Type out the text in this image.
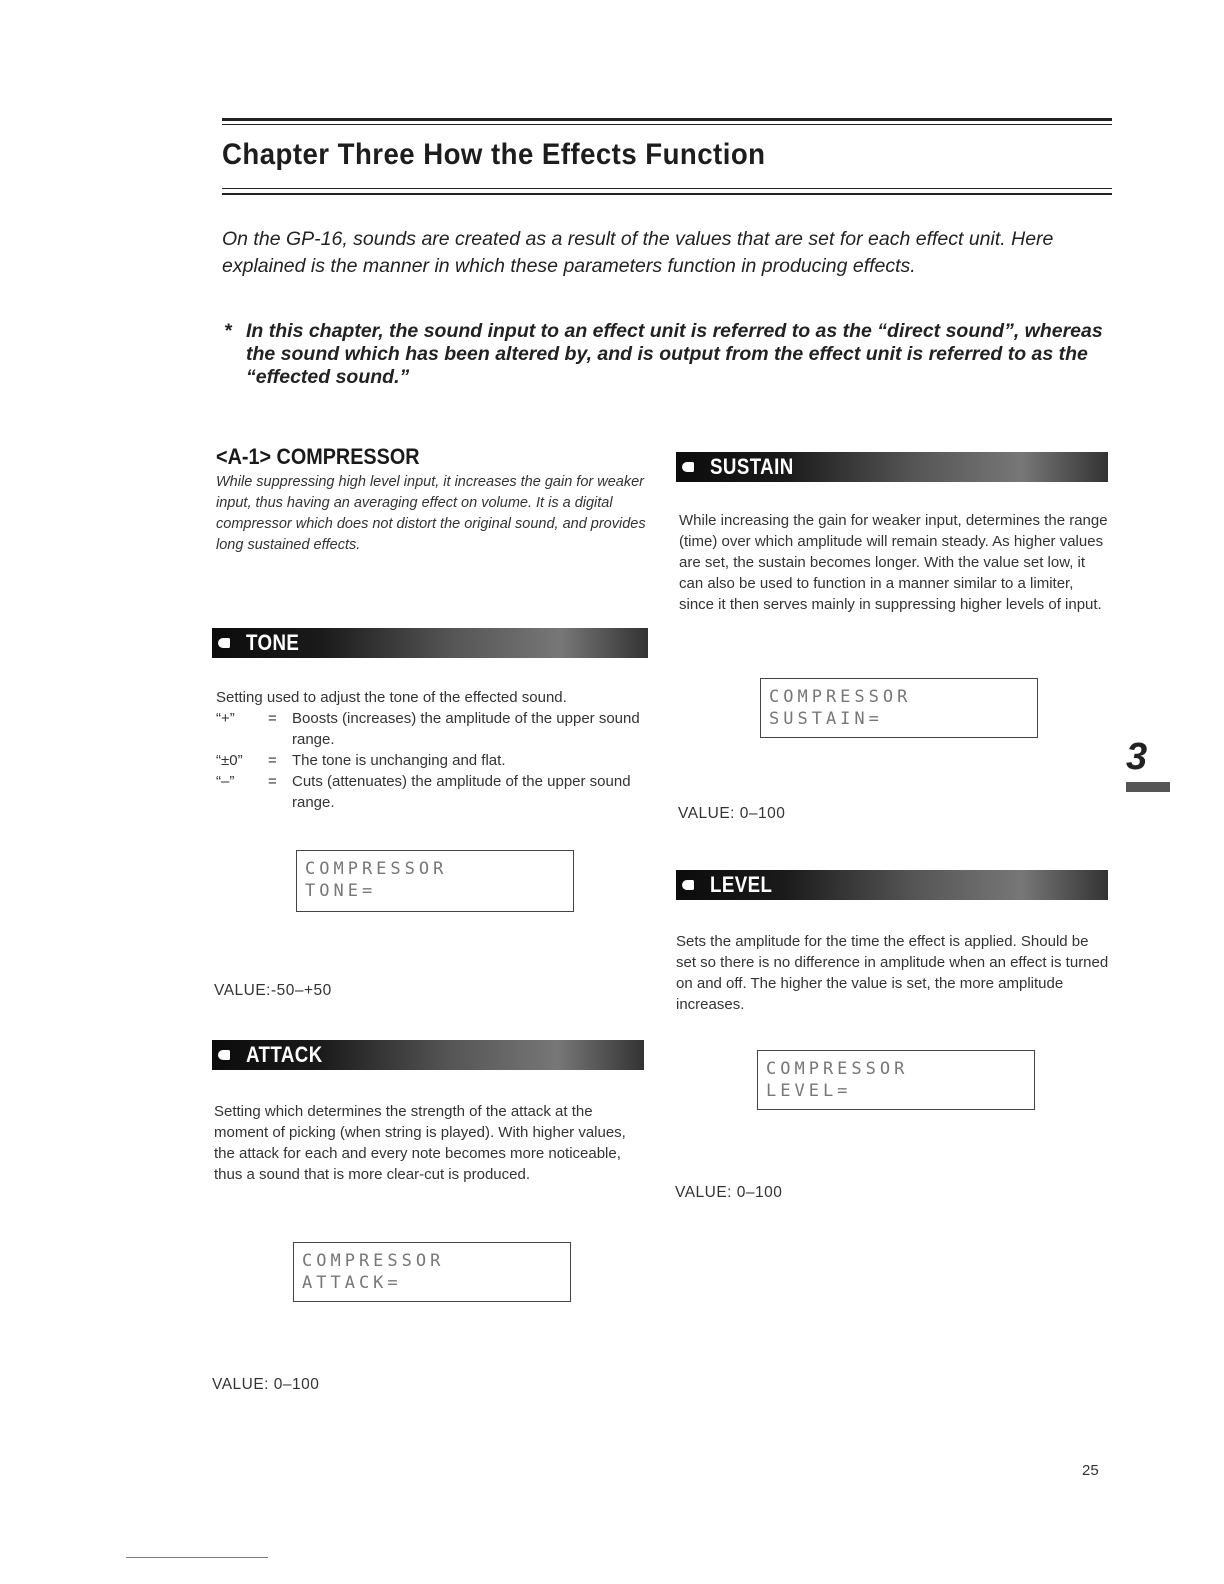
Chapter Three How the Effects Function
On the GP-16, sounds are created as a result of the values that are set for each effect unit. Here explained is the manner in which these parameters function in producing effects.
* In this chapter, the sound input to an effect unit is referred to as the “direct sound”, whereas the sound which has been altered by, and is output from the effect unit is referred to as the “effected sound.”
<A-1> COMPRESSOR
While suppressing high level input, it increases the gain for weaker input, thus having an averaging effect on volume. It is a digital compressor which does not distort the original sound, and provides long sustained effects.
TONE
Setting used to adjust the tone of the effected sound.
“+”	= Boosts (increases) the amplitude of the upper sound range.
“±0”	= The tone is unchanging and flat.
“–”	= Cuts (attenuates) the amplitude of the upper sound range.
COMPRESSOR
TONE=
VALUE:-50–+50
ATTACK
Setting which determines the strength of the attack at the moment of picking (when string is played). With higher values, the attack for each and every note becomes more noticeable, thus a sound that is more clear-cut is produced.
COMPRESSOR
ATTACK=
VALUE: 0–100
SUSTAIN
While increasing the gain for weaker input, determines the range (time) over which amplitude will remain steady. As higher values are set, the sustain becomes longer. With the value set low, it can also be used to function in a manner similar to a limiter, since it then serves mainly in suppressing higher levels of input.
COMPRESSOR
SUSTAIN=
VALUE: 0–100
LEVEL
Sets the amplitude for the time the effect is applied. Should be set so there is no difference in amplitude when an effect is turned on and off. The higher the value is set, the more amplitude increases.
COMPRESSOR
LEVEL=
VALUE: 0–100
3
25
